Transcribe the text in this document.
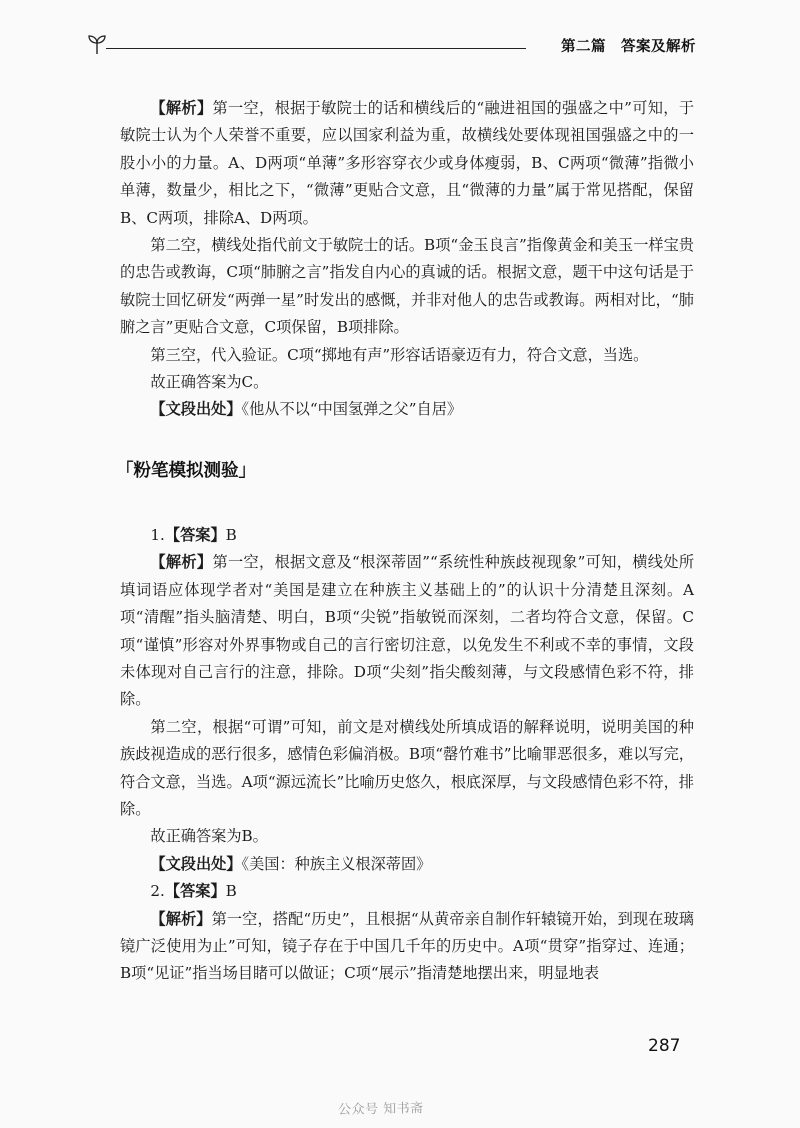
第二篇　答案及解析

【解析】第一空，根据于敏院士的话和横线后的“融进祖国的强盛之中”可知，于敏院士认为个人荣誉不重要，应以国家利益为重，故横线处要体现祖国强盛之中的一股小小的力量。A、D两项“单薄”多形容穿衣少或身体瘦弱，B、C两项“微薄”指微小单薄，数量少，相比之下，“微薄”更贴合文意，且“微薄的力量”属于常见搭配，保留B、C两项，排除A、D两项。

第二空，横线处指代前文于敏院士的话。B项“金玉良言”指像黄金和美玉一样宝贵的忠告或教诲，C项“肺腑之言”指发自内心的真诚的话。根据文意，题干中这句话是于敏院士回忆研发“两弹一星”时发出的感慨，并非对他人的忠告或教诲。两相对比，“肺腑之言”更贴合文意，C项保留，B项排除。

第三空，代入验证。C项“掷地有声”形容话语豪迈有力，符合文意，当选。

故正确答案为C。

【文段出处】《他从不以“中国氢弹之父”自居》

「粉笔模拟测验」

1.【答案】B

【解析】第一空，根据文意及“根深蒂固”“系统性种族歧视现象”可知，横线处所填词语应体现学者对“美国是建立在种族主义基础上的”的认识十分清楚且深刻。A项“清醒”指头脑清楚、明白，B项“尖锐”指敏锐而深刻，二者均符合文意，保留。C项“谨慎”形容对外界事物或自己的言行密切注意，以免发生不利或不幸的事情，文段未体现对自己言行的注意，排除。D项“尖刻”指尖酸刻薄，与文段感情色彩不符，排除。

第二空，根据“可谓”可知，前文是对横线处所填成语的解释说明，说明美国的种族歧视造成的恶行很多，感情色彩偏消极。B项“罄竹难书”比喻罪恶很多，难以写完，符合文意，当选。A项“源远流长”比喻历史悠久，根底深厚，与文段感情色彩不符，排除。

故正确答案为B。

【文段出处】《美国：种族主义根深蒂固》

2.【答案】B

【解析】第一空，搭配“历史”，且根据“从黄帝亲自制作轩辕镜开始，到现在玻璃镜广泛使用为止”可知，镜子存在于中国几千年的历史中。A项“贯穿”指穿过、连通；B项“见证”指当场目睹可以做证；C项“展示”指清楚地摆出来，明显地表

287
公众号 知书斋
